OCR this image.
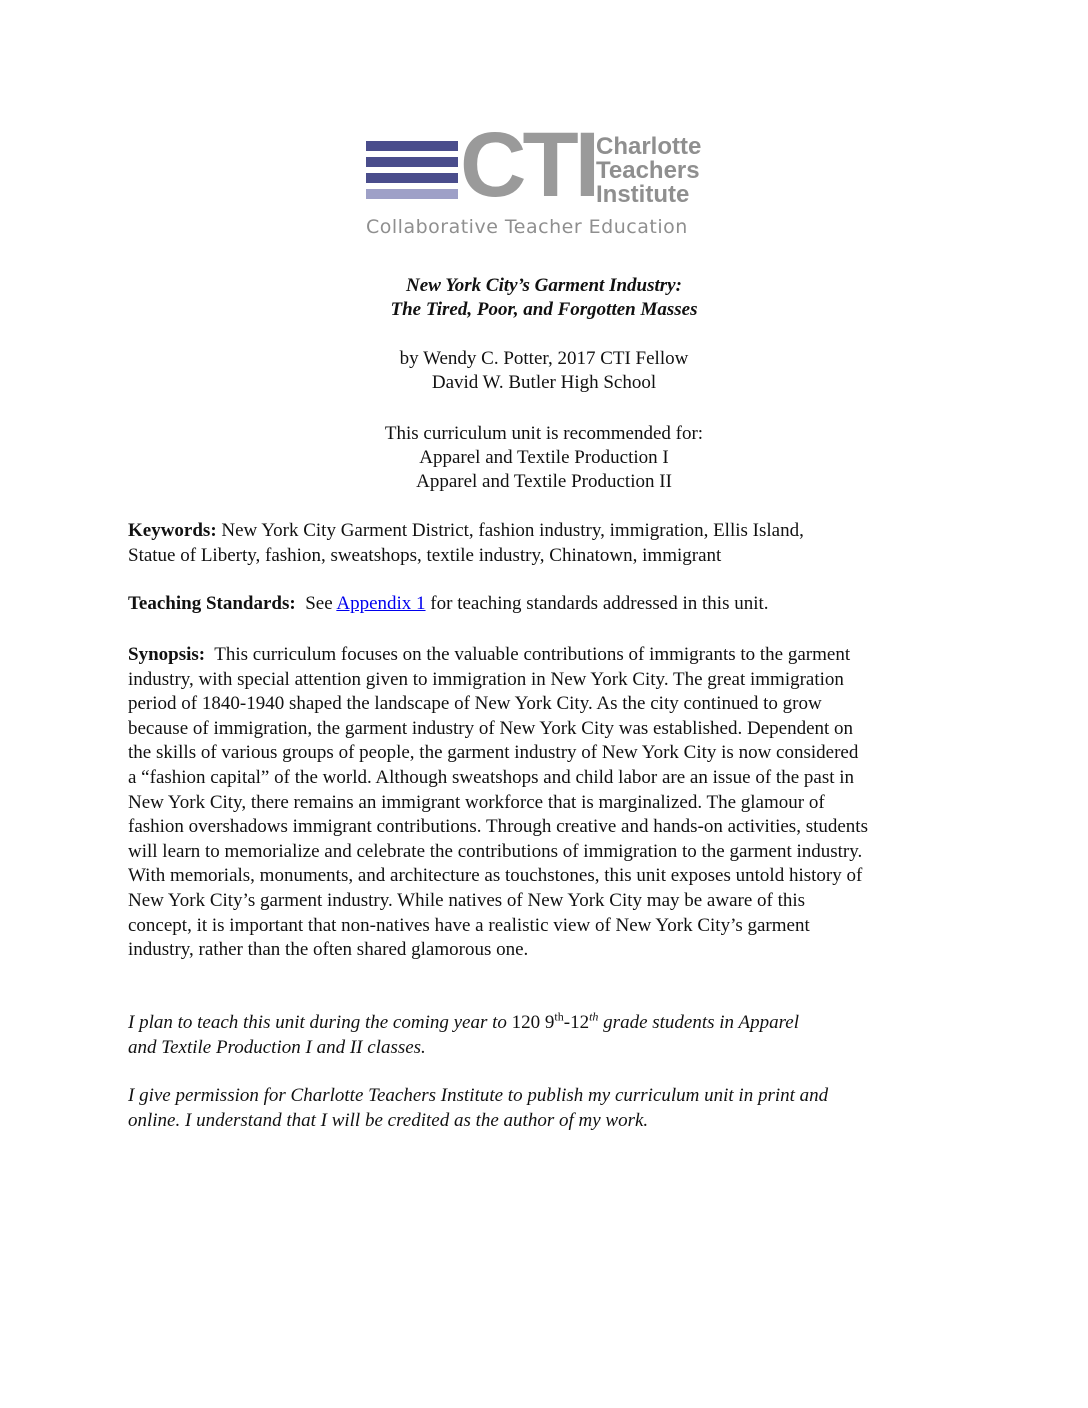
CTI Charlotte
Teachers
Institute
Collaborative Teacher Education
New York City’s Garment Industry:
The Tired, Poor, and Forgotten Masses
by Wendy C. Potter, 2017 CTI Fellow
David W. Butler High School
This curriculum unit is recommended for:
Apparel and Textile Production I
Apparel and Textile Production II
Keywords: New York City Garment District, fashion industry, immigration, Ellis Island,
Statue of Liberty, fashion, sweatshops, textile industry, Chinatown, immigrant
Teaching Standards: See Appendix 1 for teaching standards addressed in this unit.
Synopsis: This curriculum focuses on the valuable contributions of immigrants to the garment
industry, with special attention given to immigration in New York City. The great immigration
period of 1840-1940 shaped the landscape of New York City. As the city continued to grow
because of immigration, the garment industry of New York City was established. Dependent on
the skills of various groups of people, the garment industry of New York City is now considered
a “fashion capital” of the world. Although sweatshops and child labor are an issue of the past in
New York City, there remains an immigrant workforce that is marginalized. The glamour of
fashion overshadows immigrant contributions. Through creative and hands-on activities, students
will learn to memorialize and celebrate the contributions of immigration to the garment industry.
With memorials, monuments, and architecture as touchstones, this unit exposes untold history of
New York City’s garment industry. While natives of New York City may be aware of this
concept, it is important that non-natives have a realistic view of New York City’s garment
industry, rather than the often shared glamorous one.
I plan to teach this unit during the coming year to 120 9th-12th grade students in Apparel
and Textile Production I and II classes.
I give permission for Charlotte Teachers Institute to publish my curriculum unit in print and
online. I understand that I will be credited as the author of my work.
